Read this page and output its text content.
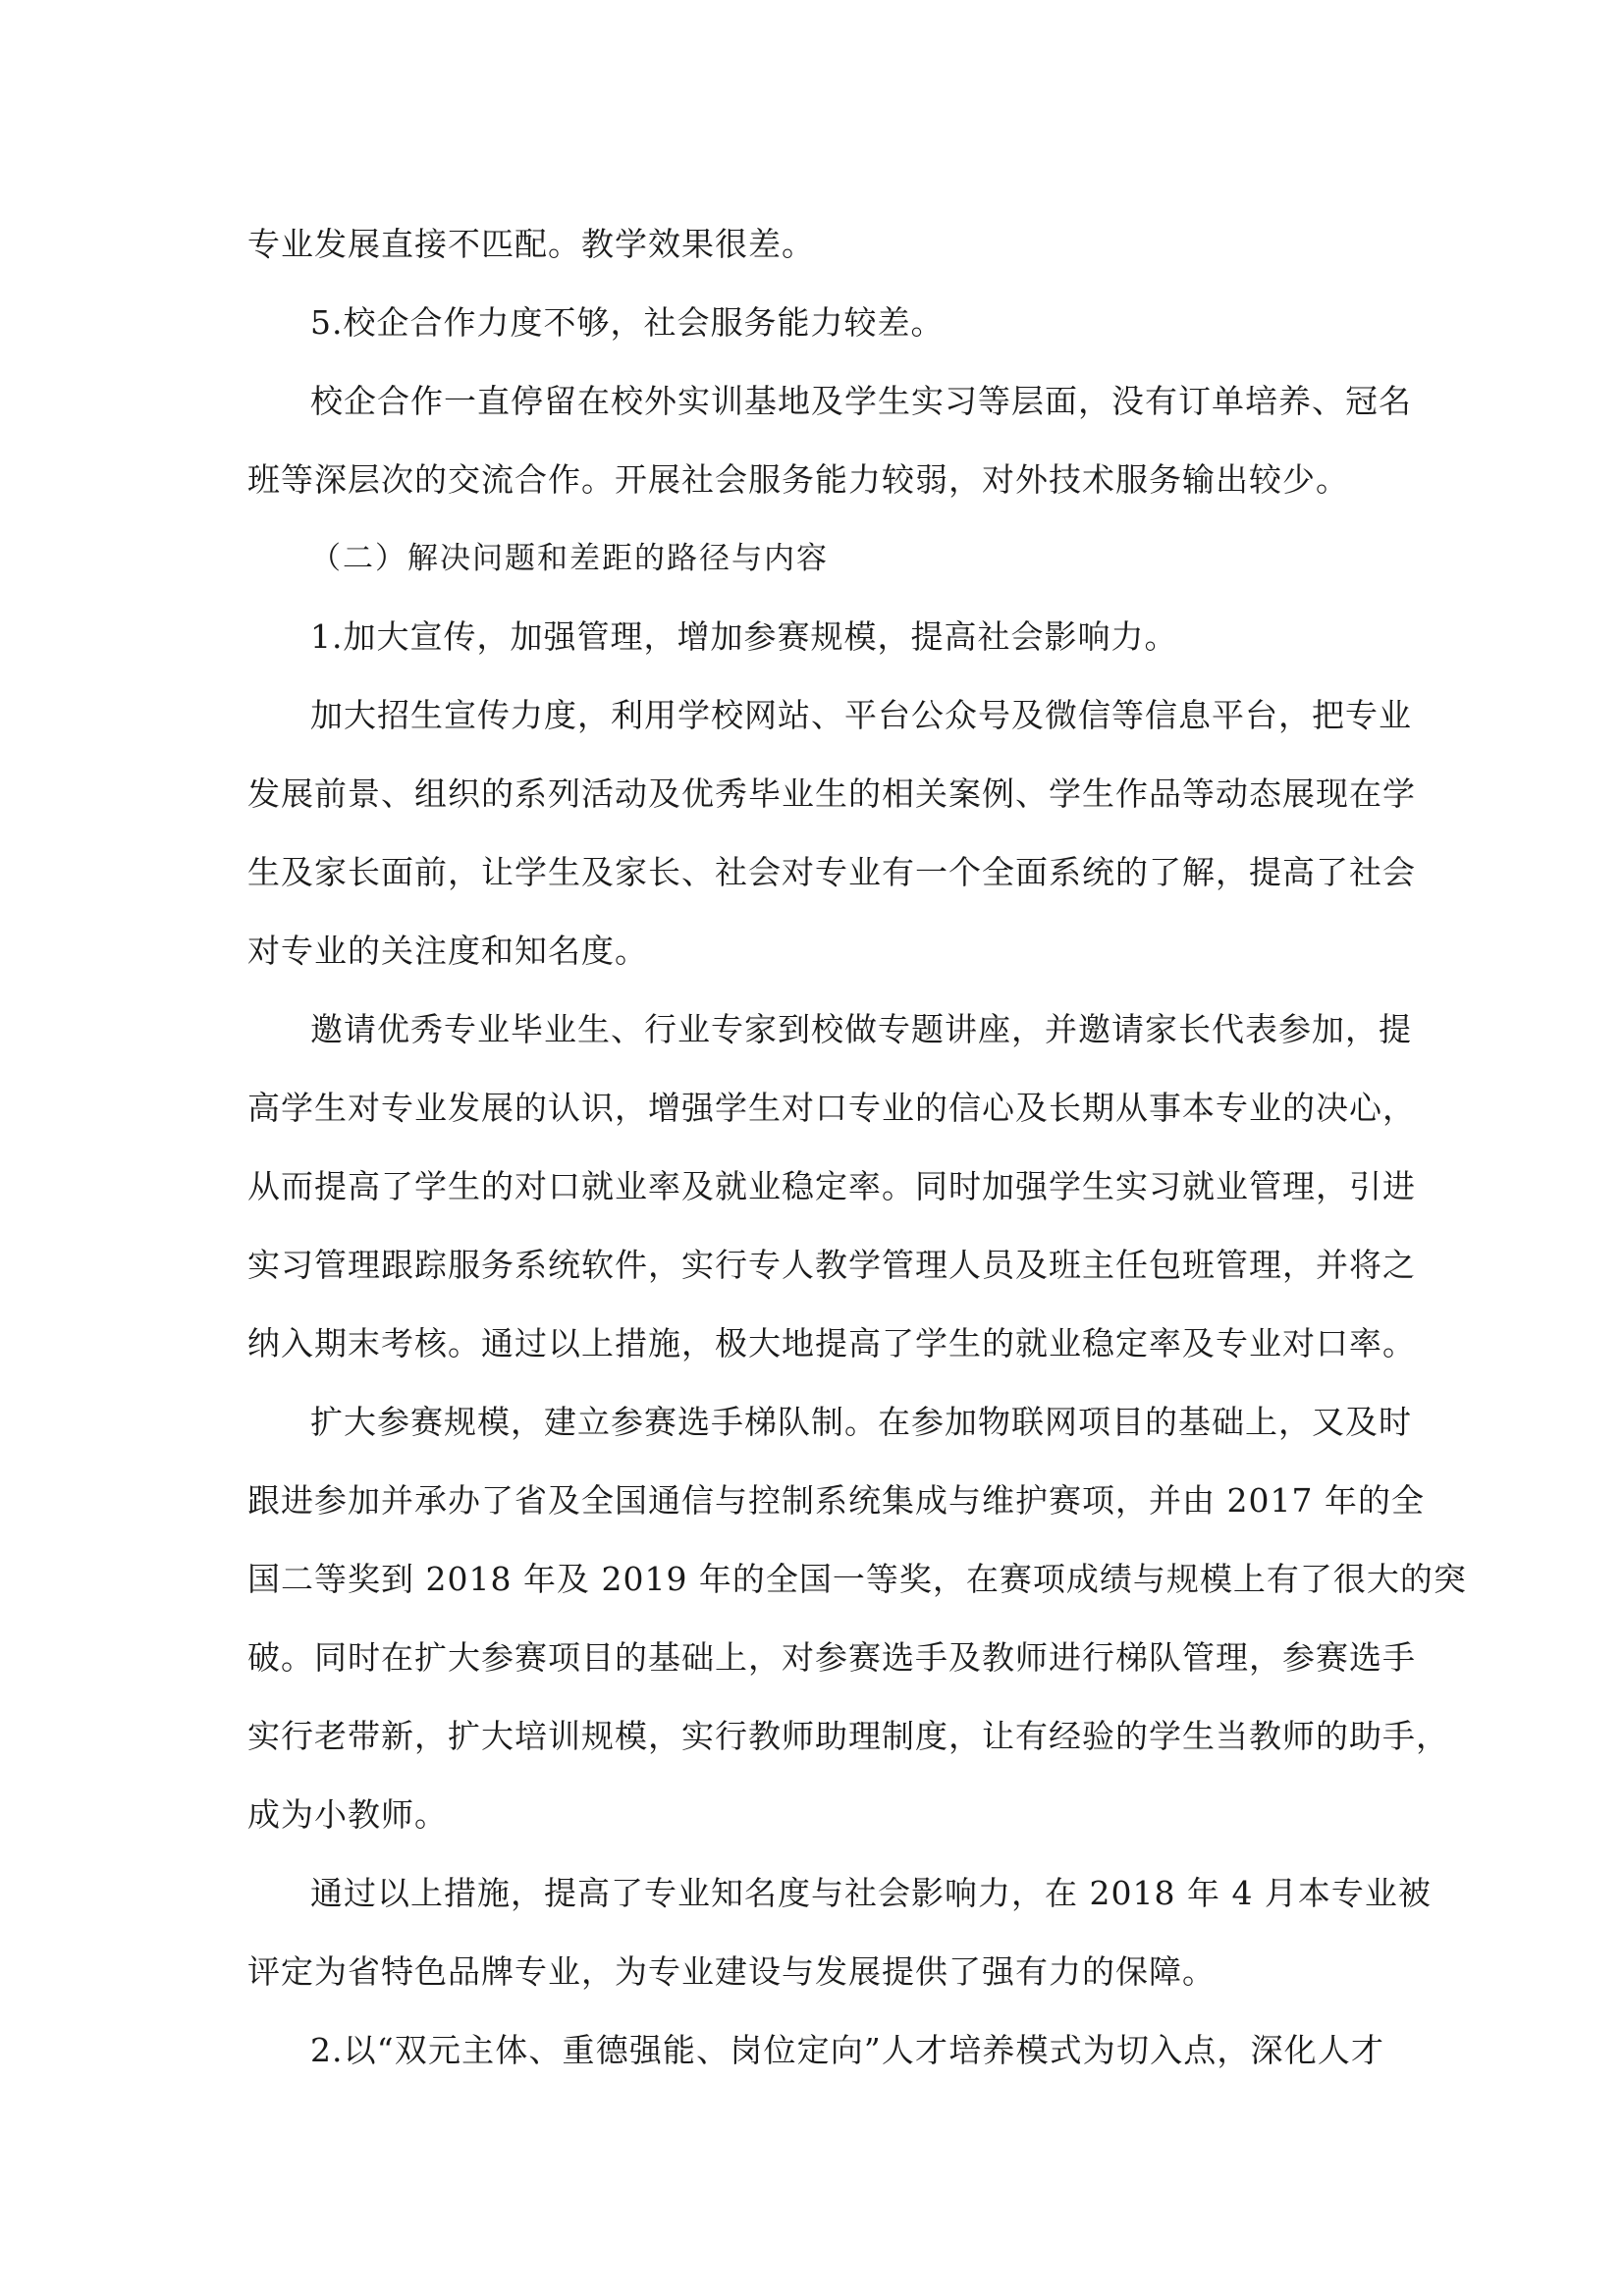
专业发展直接不匹配。教学效果很差。
5.校企合作力度不够，社会服务能力较差。
校企合作一直停留在校外实训基地及学生实习等层面，没有订单培养、冠名
班等深层次的交流合作。开展社会服务能力较弱，对外技术服务输出较少。
（二）解决问题和差距的路径与内容
1.加大宣传，加强管理，增加参赛规模，提高社会影响力。
加大招生宣传力度，利用学校网站、平台公众号及微信等信息平台，把专业
发展前景、组织的系列活动及优秀毕业生的相关案例、学生作品等动态展现在学
生及家长面前，让学生及家长、社会对专业有一个全面系统的了解，提高了社会
对专业的关注度和知名度。
邀请优秀专业毕业生、行业专家到校做专题讲座，并邀请家长代表参加，提
高学生对专业发展的认识，增强学生对口专业的信心及长期从事本专业的决心，
从而提高了学生的对口就业率及就业稳定率。同时加强学生实习就业管理，引进
实习管理跟踪服务系统软件，实行专人教学管理人员及班主任包班管理，并将之
纳入期末考核。通过以上措施，极大地提高了学生的就业稳定率及专业对口率。
扩大参赛规模，建立参赛选手梯队制。在参加物联网项目的基础上，又及时
跟进参加并承办了省及全国通信与控制系统集成与维护赛项，并由 2017 年的全
国二等奖到 2018 年及 2019 年的全国一等奖，在赛项成绩与规模上有了很大的突
破。同时在扩大参赛项目的基础上，对参赛选手及教师进行梯队管理，参赛选手
实行老带新，扩大培训规模，实行教师助理制度，让有经验的学生当教师的助手，
成为小教师。
通过以上措施，提高了专业知名度与社会影响力，在 2018 年 4 月本专业被
评定为省特色品牌专业，为专业建设与发展提供了强有力的保障。
2.以“双元主体、重德强能、岗位定向”人才培养模式为切入点，深化人才
